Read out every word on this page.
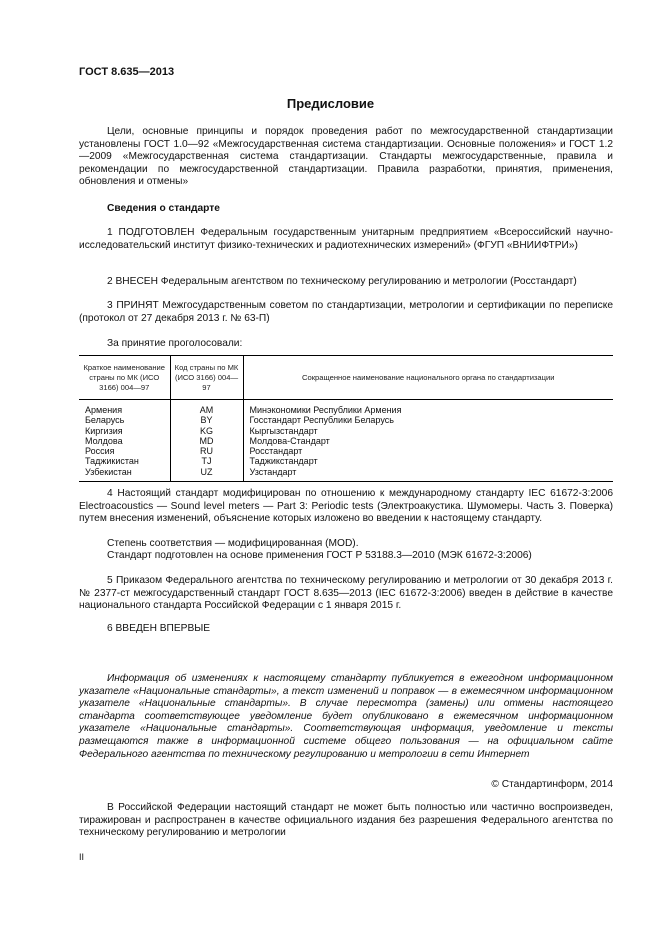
ГОСТ 8.635—2013
Предисловие

Цели, основные принципы и порядок проведения работ по межгосударственной стандартизации установлены ГОСТ 1.0—92 «Межгосударственная система стандартизации. Основные положения» и ГОСТ 1.2—2009 «Межгосударственная система стандартизации. Стандарты межгосударственные, правила и рекомендации по межгосударственной стандартизации. Правила разработки, принятия, применения, обновления и отмены»

Сведения о стандарте

1 ПОДГОТОВЛЕН Федеральным государственным унитарным предприятием «Всероссийский научно-исследовательский институт физико-технических и радиотехнических измерений» (ФГУП «ВНИИФТРИ»)

2 ВНЕСЕН Федеральным агентством по техническому регулированию и метрологии (Росстандарт)

3 ПРИНЯТ Межгосударственным советом по стандартизации, метрологии и сертификации по переписке (протокол от 27 декабря 2013 г. № 63-П)

За принятие проголосовали:
Краткое наименование страны по МК (ИСО 3166) 004—97	Код страны по МК (ИСО 3166) 004—97	Сокращенное наименование национального органа по стандартизации
Армения	AM	Минэкономики Республики Армения
Беларусь	BY	Госстандарт Республики Беларусь
Киргизия	KG	Кыргызстандарт
Молдова	MD	Молдова-Стандарт
Россия	RU	Росстандарт
Таджикистан	TJ	Таджикстандарт
Узбекистан	UZ	Узстандарт

4 Настоящий стандарт модифицирован по отношению к международному стандарту IEC 61672-3:2006 Electroacoustics — Sound level meters — Part 3: Periodic tests (Электроакустика. Шумомеры. Часть 3. Поверка) путем внесения изменений, объяснение которых изложено во введении к настоящему стандарту.

Степень соответствия — модифицированная (MOD).

Стандарт подготовлен на основе применения ГОСТ Р 53188.3—2010 (МЭК 61672-3:2006)

5 Приказом Федерального агентства по техническому регулированию и метрологии от 30 декабря 2013 г. № 2377-ст межгосударственный стандарт ГОСТ 8.635—2013 (IEC 61672-3:2006) введен в действие в качестве национального стандарта Российской Федерации с 1 января 2015 г.

6 ВВЕДЕН ВПЕРВЫЕ

Информация об изменениях к настоящему стандарту публикуется в ежегодном информационном указателе «Национальные стандарты», а текст изменений и поправок — в ежемесячном информационном указателе «Национальные стандарты». В случае пересмотра (замены) или отмены настоящего стандарта соответствующее уведомление будет опубликовано в ежемесячном информационном указателе «Национальные стандарты». Соответствующая информация, уведомление и тексты размещаются также в информационной системе общего пользования — на официальном сайте Федерального агентства по техническому регулированию и метрологии в сети Интернет

© Стандартинформ, 2014

В Российской Федерации настоящий стандарт не может быть полностью или частично воспроизведен, тиражирован и распространен в качестве официального издания без разрешения Федерального агентства по техническому регулированию и метрологии

II
